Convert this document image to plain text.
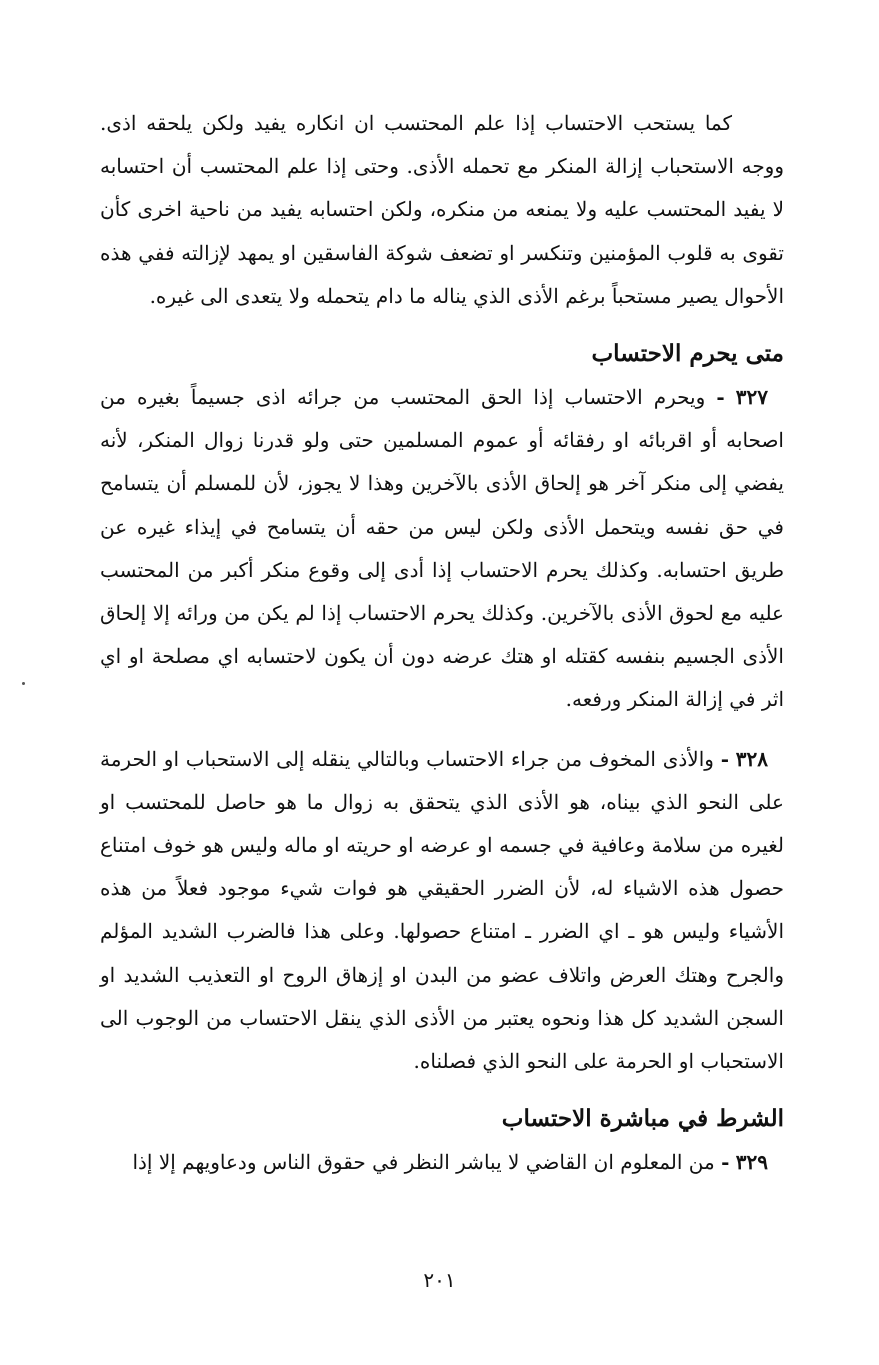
كما يستحب الاحتساب إذا علم المحتسب ان انكاره يفيد ولكن يلحقه اذى. ووجه الاستحباب إزالة المنكر مع تحمله الأذى. وحتى إذا علم المحتسب أن احتسابه لا يفيد المحتسب عليه ولا يمنعه من منكره، ولكن احتسابه يفيد من ناحية اخرى كأن تقوى به قلوب المؤمنين وتنكسر او تضعف شوكة الفاسقين او يمهد لإزالته ففي هذه الأحوال يصير مستحباً برغم الأذى الذي يناله ما دام يتحمله ولا يتعدى الى غيره.

متى يحرم الاحتساب

٣٢٧ - ويحرم الاحتساب إذا الحق المحتسب من جرائه اذى جسيماً بغيره من اصحابه أو اقربائه او رفقائه أو عموم المسلمين حتى ولو قدرنا زوال المنكر، لأنه يفضي إلى منكر آخر هو إلحاق الأذى بالآخرين وهذا لا يجوز، لأن للمسلم أن يتسامح في حق نفسه ويتحمل الأذى ولكن ليس من حقه أن يتسامح في إيذاء غيره عن طريق احتسابه. وكذلك يحرم الاحتساب إذا أدى إلى وقوع منكر أكبر من المحتسب عليه مع لحوق الأذى بالآخرين. وكذلك يحرم الاحتساب إذا لم يكن من ورائه إلا إلحاق الأذى الجسيم بنفسه كقتله او هتك عرضه دون أن يكون لاحتسابه اي مصلحة او اي اثر في إزالة المنكر ورفعه.

٣٢٨ - والأذى المخوف من جراء الاحتساب وبالتالي ينقله إلى الاستحباب او الحرمة على النحو الذي بيناه، هو الأذى الذي يتحقق به زوال ما هو حاصل للمحتسب او لغيره من سلامة وعافية في جسمه او عرضه او حريته او ماله وليس هو خوف امتناع حصول هذه الاشياء له، لأن الضرر الحقيقي هو فوات شيء موجود فعلاً من هذه الأشياء وليس هو ـ اي الضرر ـ امتناع حصولها. وعلى هذا فالضرب الشديد المؤلم والجرح وهتك العرض واتلاف عضو من البدن او إزهاق الروح او التعذيب الشديد او السجن الشديد كل هذا ونحوه يعتبر من الأذى الذي ينقل الاحتساب من الوجوب الى الاستحباب او الحرمة على النحو الذي فصلناه.

الشرط في مباشرة الاحتساب

٣٢٩ - من المعلوم ان القاضي لا يباشر النظر في حقوق الناس ودعاويهم إلا إذا

٢٠١
